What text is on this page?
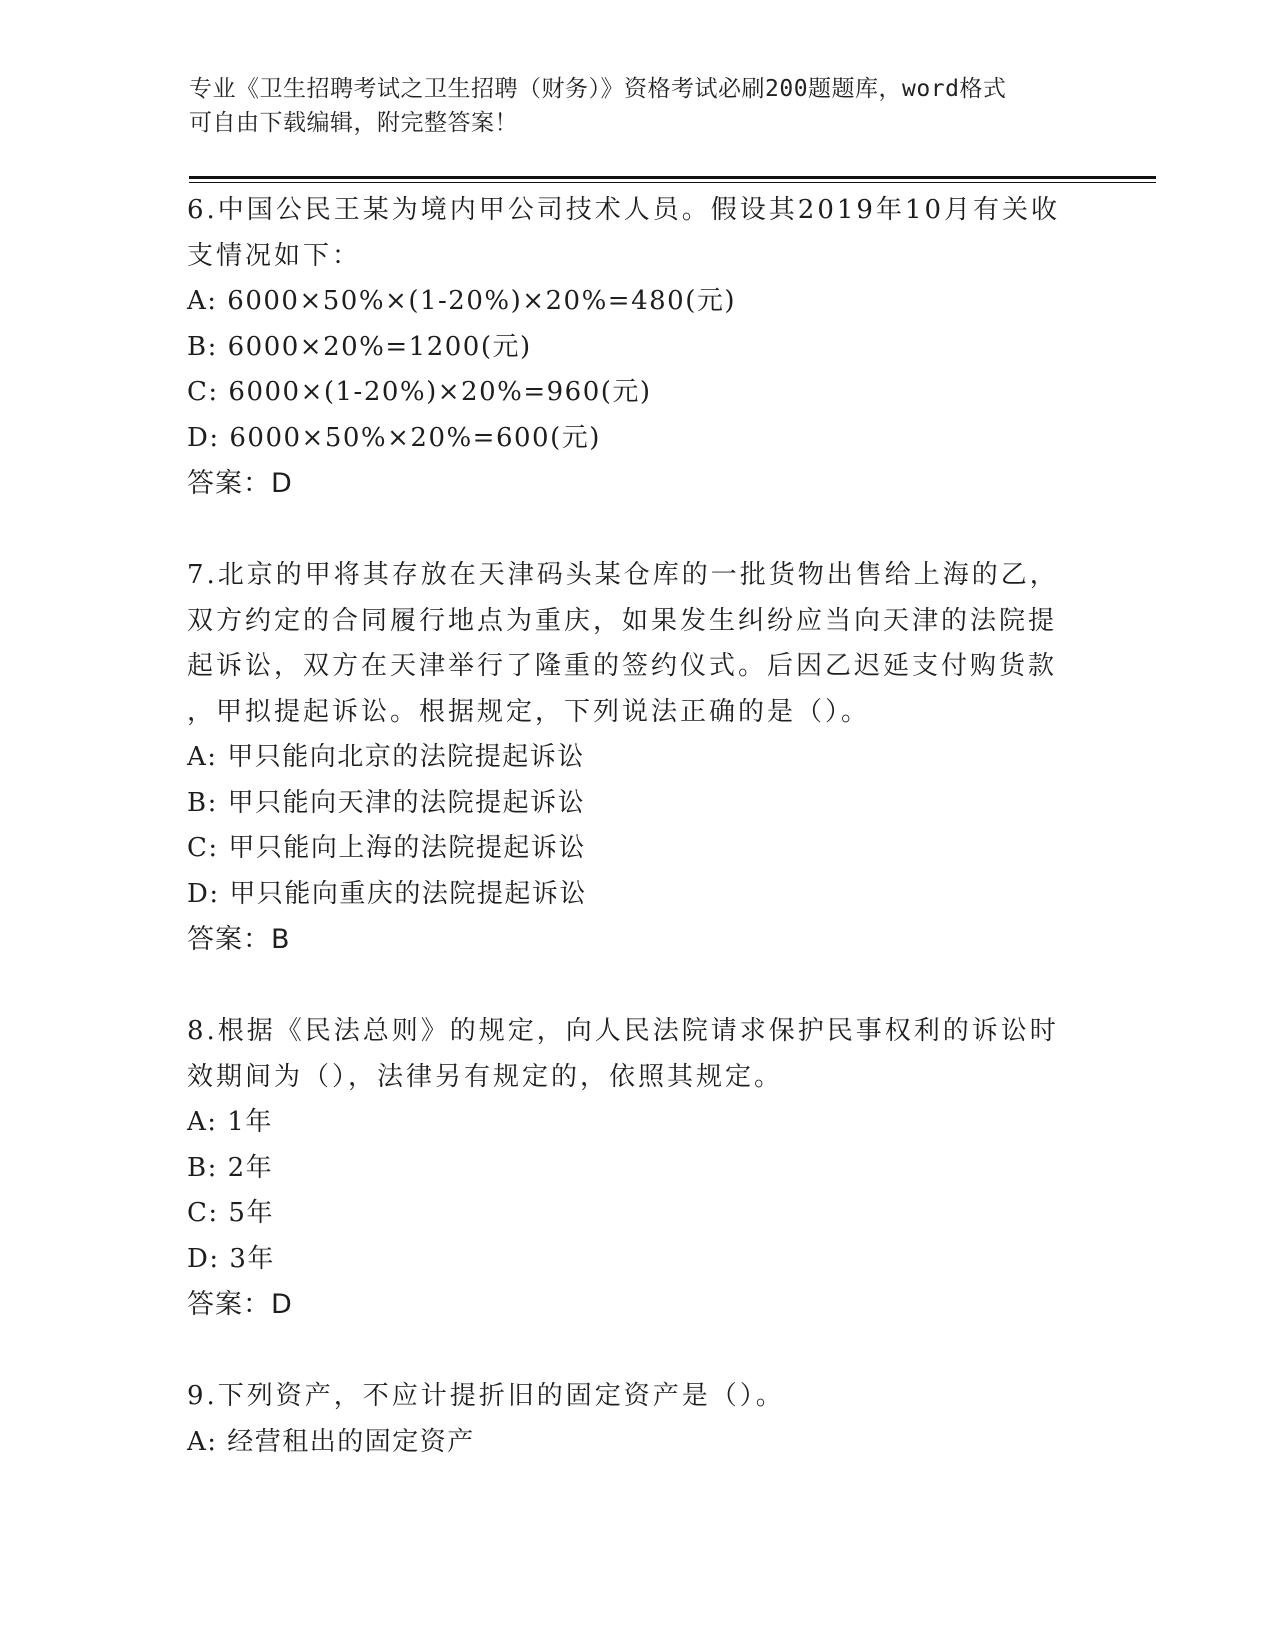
专业《卫生招聘考试之卫生招聘（财务）》资格考试必刷200题题库，word格式
可自由下载编辑，附完整答案！
6.中国公民王某为境内甲公司技术人员。假设其2019年10月有关收
支情况如下：
A: 6000×50%×(1-20%)×20%=480(元)
B: 6000×20%=1200(元)
C: 6000×(1-20%)×20%=960(元)
D: 6000×50%×20%=600(元)
答案：D
7.北京的甲将其存放在天津码头某仓库的一批货物出售给上海的乙，
双方约定的合同履行地点为重庆，如果发生纠纷应当向天津的法院提
起诉讼，双方在天津举行了隆重的签约仪式。后因乙迟延支付购货款
，甲拟提起诉讼。根据规定，下列说法正确的是（）。
A: 甲只能向北京的法院提起诉讼
B: 甲只能向天津的法院提起诉讼
C: 甲只能向上海的法院提起诉讼
D: 甲只能向重庆的法院提起诉讼
答案：B
8.根据《民法总则》的规定，向人民法院请求保护民事权利的诉讼时
效期间为（），法律另有规定的，依照其规定。
A: 1年
B: 2年
C: 5年
D: 3年
答案：D
9.下列资产，不应计提折旧的固定资产是（）。
A: 经营租出的固定资产
